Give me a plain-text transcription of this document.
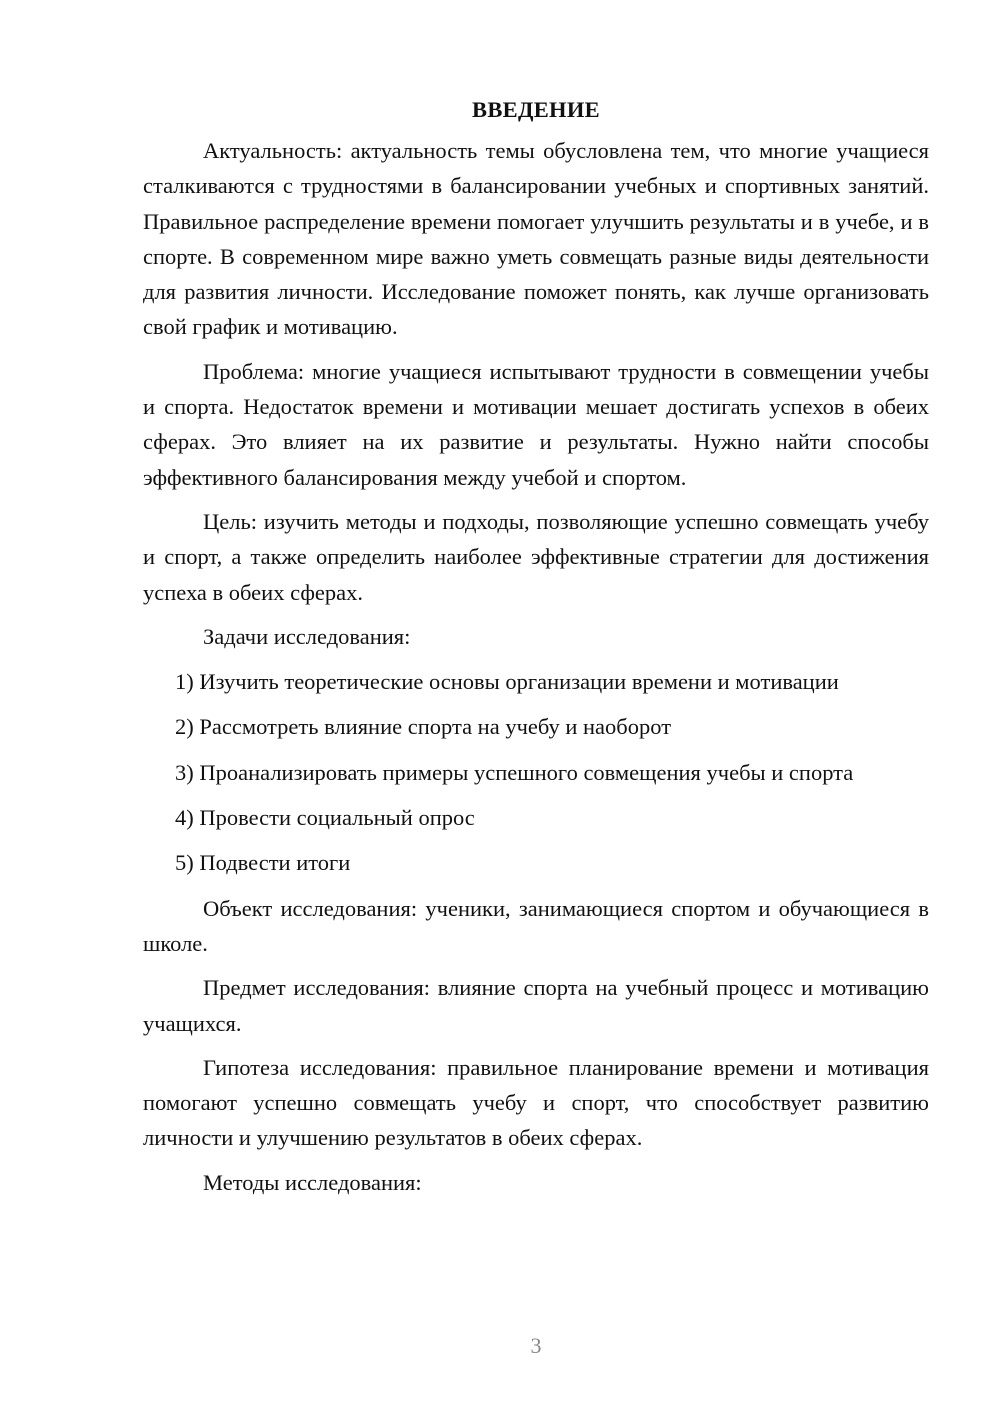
ВВЕДЕНИЕ

Актуальность: актуальность темы обусловлена тем, что многие учащиеся сталкиваются с трудностями в балансировании учебных и спортивных занятий. Правильное распределение времени помогает улучшить результаты и в учебе, и в спорте. В современном мире важно уметь совмещать разные виды деятельности для развития личности. Исследование поможет понять, как лучше организовать свой график и мотивацию.

Проблема: многие учащиеся испытывают трудности в совмещении учебы и спорта. Недостаток времени и мотивации мешает достигать успехов в обеих сферах. Это влияет на их развитие и результаты. Нужно найти способы эффективного балансирования между учебой и спортом.

Цель: изучить методы и подходы, позволяющие успешно совмещать учебу и спорт, а также определить наиболее эффективные стратегии для достижения успеха в обеих сферах.

Задачи исследования:

1) Изучить теоретические основы организации времени и мотивации
2) Рассмотреть влияние спорта на учебу и наоборот
3) Проанализировать примеры успешного совмещения учебы и спорта
4) Провести социальный опрос
5) Подвести итоги

Объект исследования: ученики, занимающиеся спортом и обучающиеся в школе.

Предмет исследования: влияние спорта на учебный процесс и мотивацию учащихся.

Гипотеза исследования: правильное планирование времени и мотивация помогают успешно совмещать учебу и спорт, что способствует развитию личности и улучшению результатов в обеих сферах.

Методы исследования:

3
